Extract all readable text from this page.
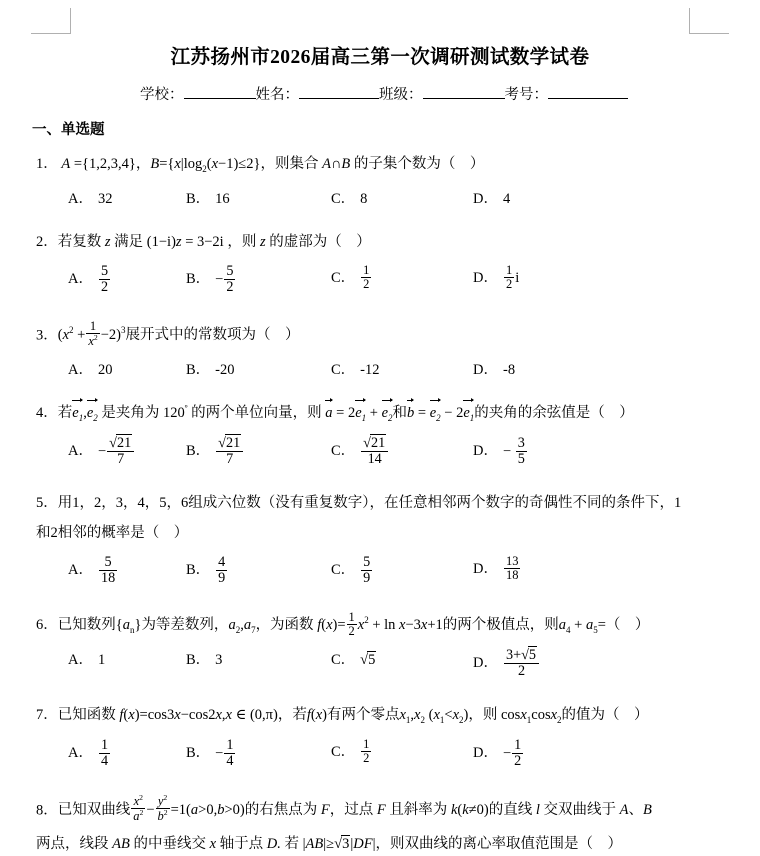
江苏扬州市2026届高三第一次调研测试数学试卷
学校：	姓名：	班级：	考号：
一、单选题
1． A ={1,2,3,4}，$B=\{x|\log_2(x-1)\le 2\}$，则集合 A∩B 的子集个数为（　）
A． 32	B． 16	C． 8	D． 4
2．若复数 z 满足 (1−i)z = 3−2i ，则 z 的虚部为（　）
A． $\frac{5}{2}$	B． − $\frac{5}{2}$	C． $\frac{1}{2}$	D． $\frac{1}{2}$ i
3．$(x^2 + \frac{1}{x^2} -2)^3$展开式中的常数项为（　）
A． 20	B． -20	C． -12	D． -8
4．若$e_1,e_2$ 是夹角为 $120^º$ 的两个单位向量，则 $a = 2e_1 + e_2$和$b = e_2 - 2e_1$的夹角的余弦值是（　）
A． − $\frac{√21}{7}$	B． $\frac{√21}{7}$	C． $\frac{√21}{14}$	D． − $\frac{3}{5}$
5．用1，2，3，4，5，6组成六位数（没有重复数字），在任意相邻两个数字的奇偶性不同的条件下，1
和2相邻的概率是（　）
A． $\frac{5}{18}$	B． $\frac{4}{9}$	C． $\frac{5}{9}$	D． $\frac{13}{18}$
6．已知数列$\{a_n\}$为等差数列，$a_2,a_7$，为函数 $f(x)= \frac{1}{2} x^2 + \ln x-3x+1$的两个极值点，则$a_4 + a_5=$（　）
A． 1	B． 3	C． √5	D． $\frac{3+√5}{2}$
7．已知函数 f(x)=cos3x−cos2x,x ∈ (0,π)，若f(x)有两个零点$x_1,x_2$ $(x_1<x_2)$，则 cosx$_1$cosx$_2$的值为（　）
A． $\frac{1}{4}$	B． − $\frac{1}{4}$	C． $\frac{1}{2}$	D． − $\frac{1}{2}$
8．已知双曲线 $\frac{x^2}{a^2} - \frac{y^2}{b^2} =1(a>0,b>0)$的右焦点为 F，过点 F 且斜率为 k(k≠0)的直线 l 交双曲线于 A、B
两点，线段 AB 的中垂线交 x 轴于点 D. 若 |AB|≥√3|DF|，则双曲线的离心率取值范围是（　）
